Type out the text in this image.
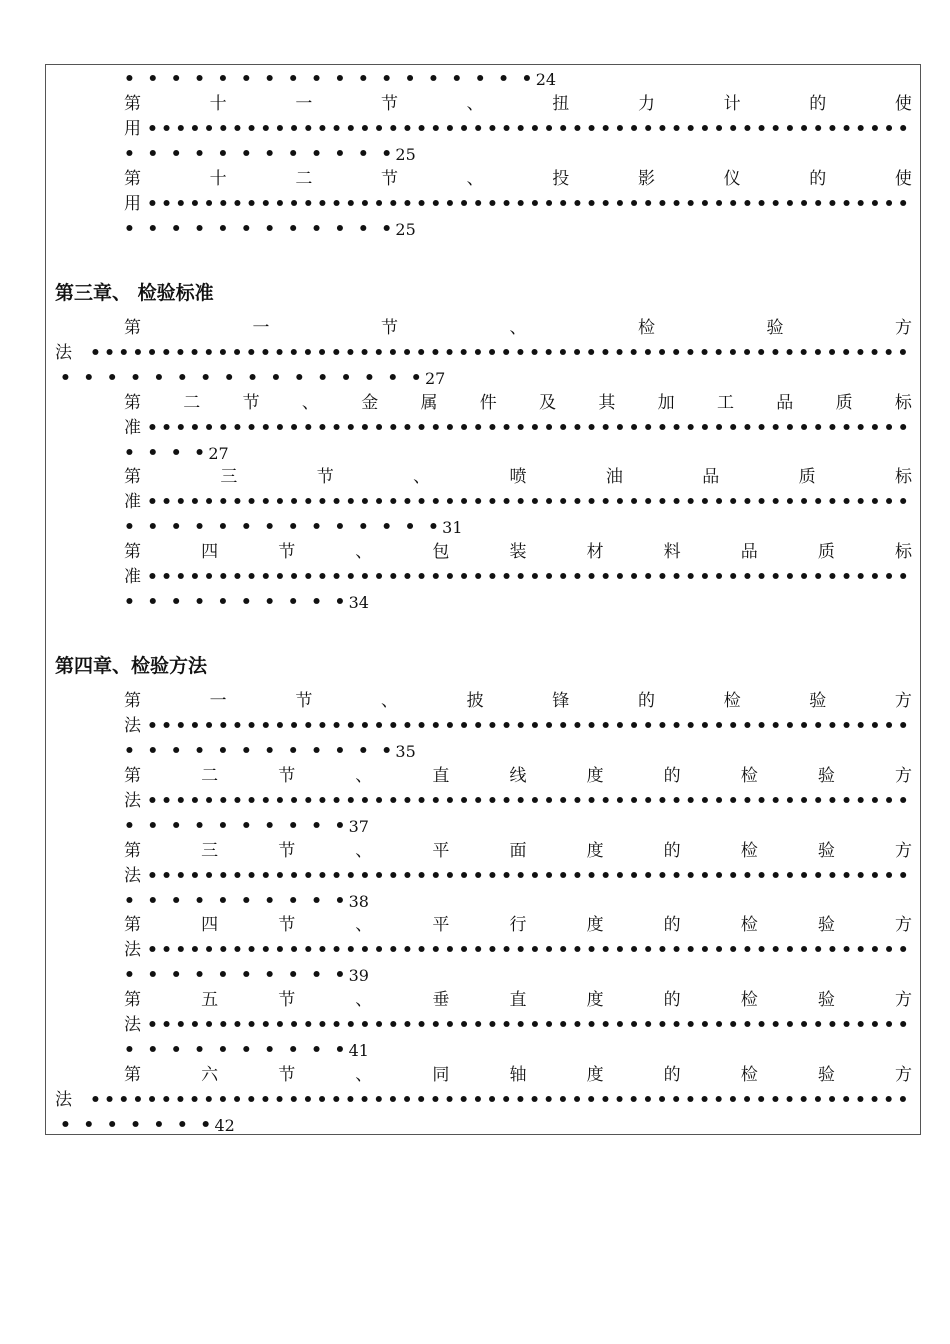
• • • • • • • • • • • • • • • • • • 24
第	十	一	节	、	扭	力	计	的	使
用
•••••
• • • • • • • • • • • • 25
第	十	二	节	、	投	影	仪	的	使
用
•••••
• • • • • • • • • • • • 25
第三章、 检验标准
第	一	节	、	检	验	方
法
•••••
• • • • • • • • • • • • • • • • 27
第 二 节 、 金 属 件 及 其 加 工 品 质 标
准
•••••
• • • • 27
第	三	节	、	喷	油	品	质	标
准
•••••
• • • • • • • • • • • • • • 31
第	四	节	、	包	装	材	料	品	质	标
准
•••••
• • • • • • • • • • 34
第四章、检验方法
第	一	节	、	披	锋	的	检	验	方
法
•••••
• • • • • • • • • • • • 35
第	二	节	、	直	线	度	的	检	验	方
法
•••••
• • • • • • • • • • 37
第	三	节	、	平	面	度	的	检	验	方
法
•••••
• • • • • • • • • • 38
第	四	节	、	平	行	度	的	检	验	方
法
•••••
• • • • • • • • • • 39
第	五	节	、	垂	直	度	的	检	验	方
法
•••••
• • • • • • • • • • 41
第	六	节	、	同	轴	度	的	检	验	方
法
•••••
• • • • • • • 42
